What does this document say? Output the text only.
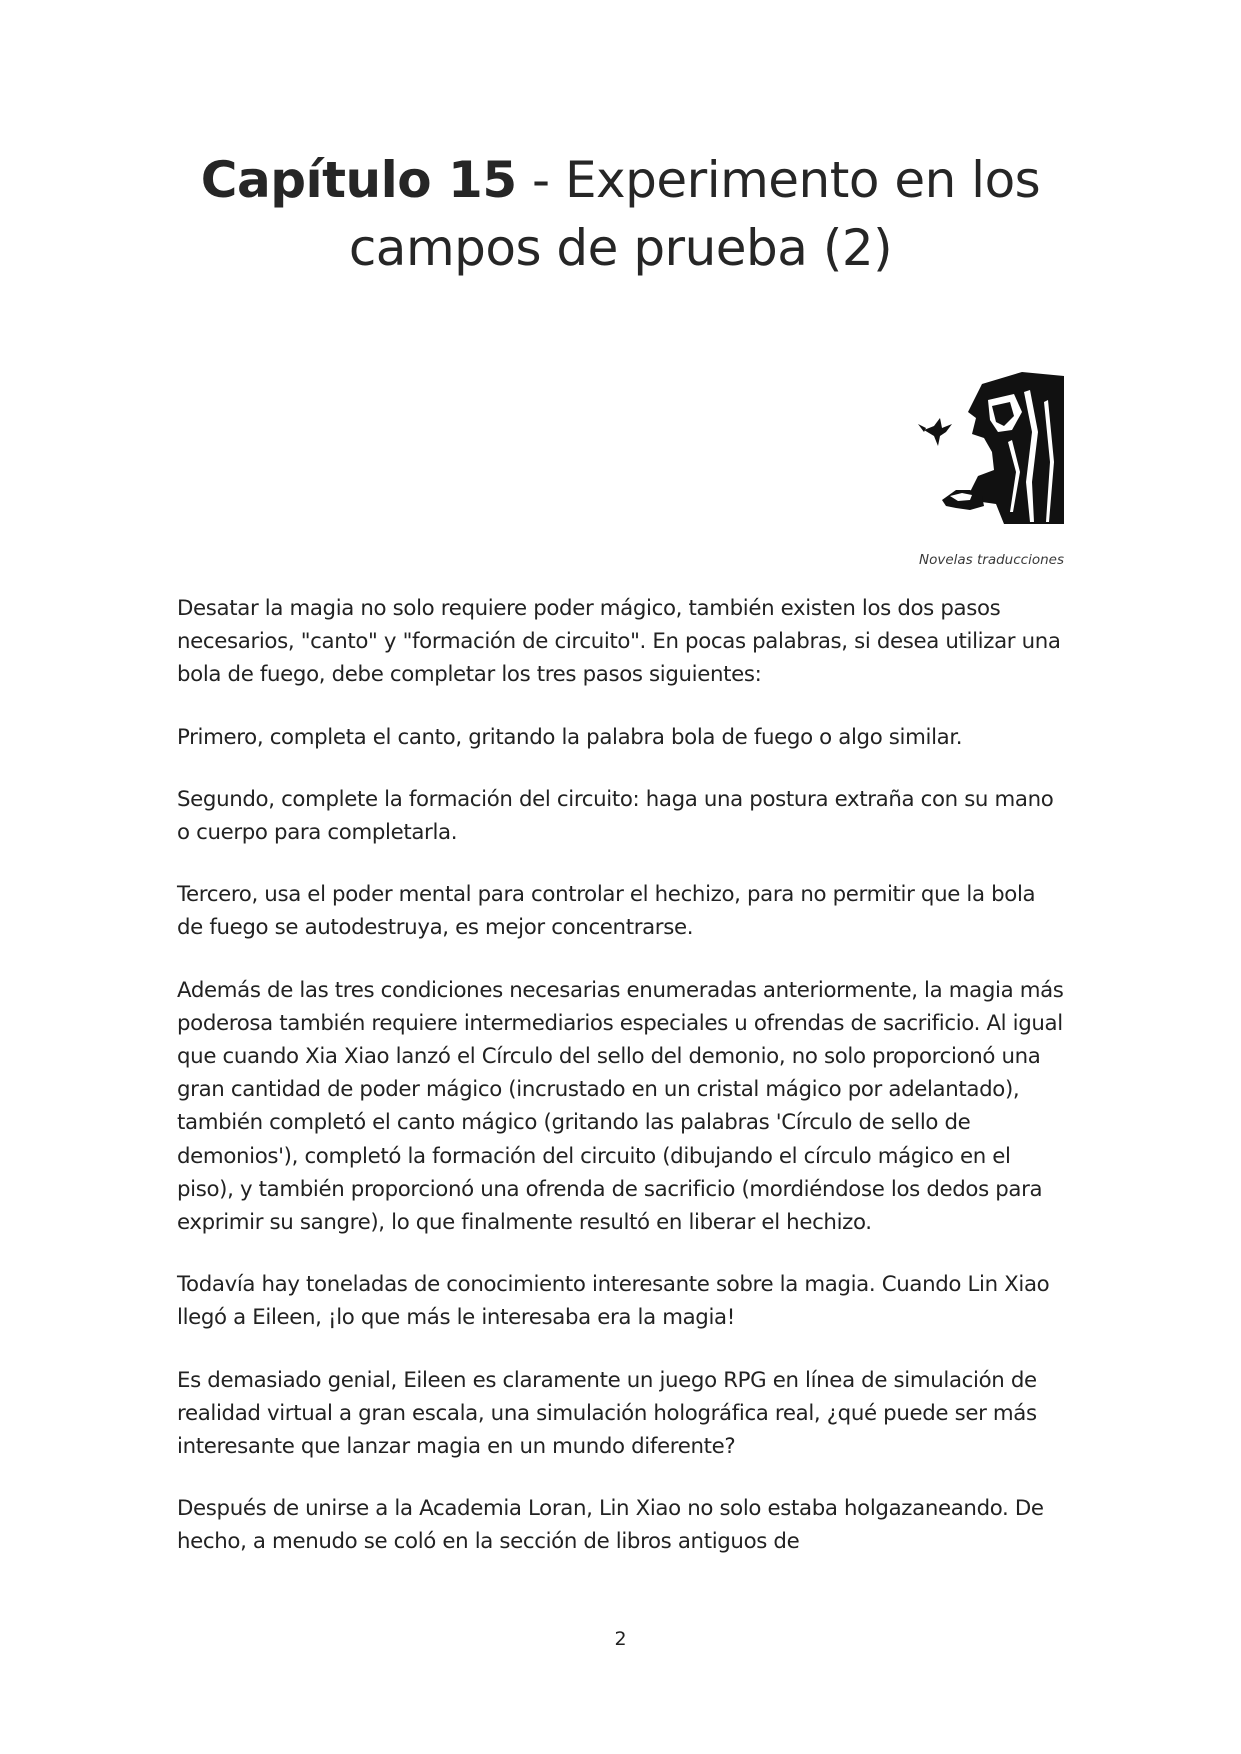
Capítulo 15 - Experimento en los campos de prueba (2)
Novelas traducciones

Desatar la magia no solo requiere poder mágico, también existen los dos pasos necesarios, "canto" y "formación de circuito". En pocas palabras, si desea utilizar una bola de fuego, debe completar los tres pasos siguientes:

Primero, completa el canto, gritando la palabra bola de fuego o algo similar.

Segundo, complete la formación del circuito: haga una postura extraña con su mano o cuerpo para completarla.

Tercero, usa el poder mental para controlar el hechizo, para no permitir que la bola de fuego se autodestruya, es mejor concentrarse.

Además de las tres condiciones necesarias enumeradas anteriormente, la magia más poderosa también requiere intermediarios especiales u ofrendas de sacrificio. Al igual que cuando Xia Xiao lanzó el Círculo del sello del demonio, no solo proporcionó una gran cantidad de poder mágico (incrustado en un cristal mágico por adelantado), también completó el canto mágico (gritando las palabras 'Círculo de sello de demonios'), completó la formación del circuito (dibujando el círculo mágico en el piso), y también proporcionó una ofrenda de sacrificio (mordiéndose los dedos para exprimir su sangre), lo que finalmente resultó en liberar el hechizo.

Todavía hay toneladas de conocimiento interesante sobre la magia. Cuando Lin Xiao llegó a Eileen, ¡lo que más le interesaba era la magia!

Es demasiado genial, Eileen es claramente un juego RPG en línea de simulación de realidad virtual a gran escala, una simulación holográfica real, ¿qué puede ser más interesante que lanzar magia en un mundo diferente?

Después de unirse a la Academia Loran, Lin Xiao no solo estaba holgazaneando. De hecho, a menudo se coló en la sección de libros antiguos de

2
